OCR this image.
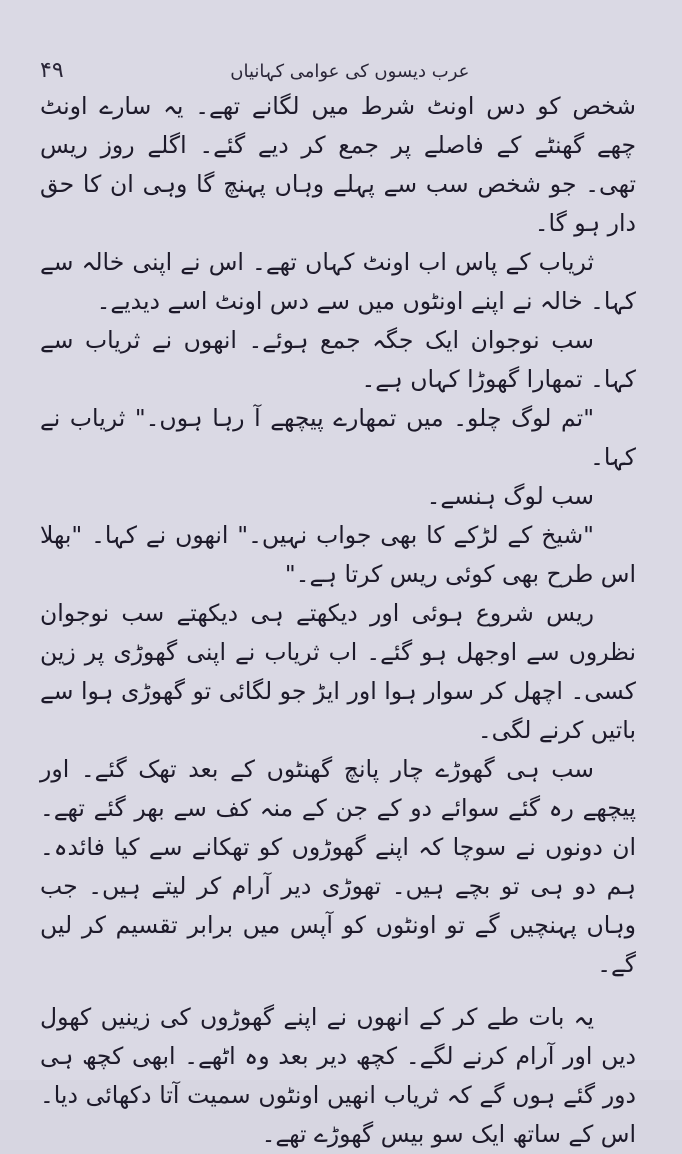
۴۹	عرب دیسوں کی عوامی کہانیاں

شخص کو دس اونٹ شرط میں لگانے تھے۔ یہ سارے اونٹ چھے گھنٹے کے فاصلے پر جمع کر دیے گئے۔ اگلے روز ریس تھی۔ جو شخص سب سے پہلے وہاں پہنچ گا وہی ان کا حق دار ہو گا۔

ثریاب کے پاس اب اونٹ کہاں تھے۔ اس نے اپنی خالہ سے کہا۔ خالہ نے اپنے اونٹوں میں سے دس اونٹ اسے دیدیے۔

سب نوجوان ایک جگہ جمع ہوئے۔ انھوں نے ثریاب سے کہا۔ تمھارا گھوڑا کہاں ہے۔

"تم لوگ چلو۔ میں تمھارے پیچھے آ رہا ہوں۔" ثریاب نے کہا۔

سب لوگ ہنسے۔

"شیخ کے لڑکے کا بھی جواب نہیں۔" انھوں نے کہا۔ "بھلا اس طرح بھی کوئی ریس کرتا ہے۔"

ریس شروع ہوئی اور دیکھتے ہی دیکھتے سب نوجوان نظروں سے اوجھل ہو گئے۔ اب ثریاب نے اپنی گھوڑی پر زین کسی۔ اچھل کر سوار ہوا اور ایڑ جو لگائی تو گھوڑی ہوا سے باتیں کرنے لگی۔

سب ہی گھوڑے چار پانچ گھنٹوں کے بعد تھک گئے۔ اور پیچھے رہ گئے سوائے دو کے جن کے منہ کف سے بھر گئے تھے۔ ان دونوں نے سوچا کہ اپنے گھوڑوں کو تھکانے سے کیا فائدہ۔ ہم دو ہی تو بچے ہیں۔ تھوڑی دیر آرام کر لیتے ہیں۔ جب وہاں پہنچیں گے تو اونٹوں کو آپس میں برابر تقسیم کر لیں گے۔

یہ بات طے کر کے انھوں نے اپنے گھوڑوں کی زینیں کھول دیں اور آرام کرنے لگے۔ کچھ دیر بعد وہ اٹھے۔ ابھی کچھ ہی دور گئے ہوں گے کہ ثریاب انھیں اونٹوں سمیت آتا دکھائی دیا۔ اس کے ساتھ ایک سو بیس گھوڑے تھے۔
